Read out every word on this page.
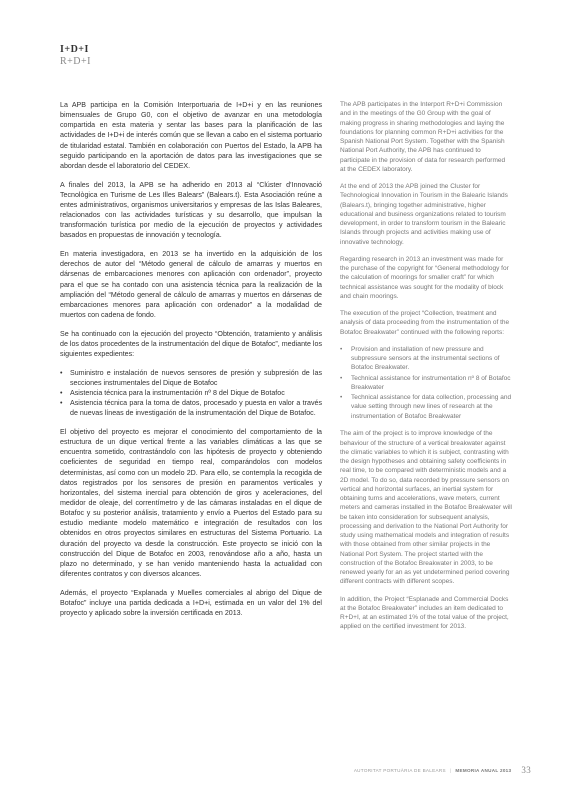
I+D+I
R+D+I

La APB participa en la Comisión Interportuaria de I+D+i y en las reuniones bimensuales de Grupo G0, con el objetivo de avanzar en una metodología compartida en esta materia y sentar las bases para la planificación de las actividades de I+D+i de interés común que se llevan a cabo en el sistema portuario de titularidad estatal. También en colaboración con Puertos del Estado, la APB ha seguido participando en la aportación de datos para las investigaciones que se abordan desde el laboratorio del CEDEX.

A finales del 2013, la APB se ha adherido en 2013 al “Clúster d’Innovació Tecnològica en Turisme de Les Illes Balears” (Balears.t). Esta Asociación reúne a entes administrativos, organismos universitarios y empresas de las Islas Baleares, relacionados con las actividades turísticas y su desarrollo, que impulsan la transformación turística por medio de la ejecución de proyectos y actividades basados en propuestas de innovación y tecnología.

En materia investigadora, en 2013 se ha invertido en la adquisición de los derechos de autor del “Método general de cálculo de amarras y muertos en dársenas de embarcaciones menores con aplicación con ordenador”, proyecto para el que se ha contado con una asistencia técnica para la realización de la ampliación del “Método general de cálculo de amarras y muertos en dársenas de embarcaciones menores para aplicación con ordenador” a la modalidad de muertos con cadena de fondo.

Se ha continuado con la ejecución del proyecto “Obtención, tratamiento y análisis de los datos procedentes de la instrumentación del dique de Botafoc”, mediante los siguientes expedientes:

• Suministro e instalación de nuevos sensores de presión y subpresión de las secciones instrumentales del Dique de Botafoc
• Asistencia técnica para la instrumentación nº 8 del Dique de Botafoc
• Asistencia técnica para la toma de datos, procesado y puesta en valor a través de nuevas líneas de investigación de la instrumentación del Dique de Botafoc.

El objetivo del proyecto es mejorar el conocimiento del comportamiento de la estructura de un dique vertical frente a las variables climáticas a las que se encuentra sometido, contrastándolo con las hipótesis de proyecto y obteniendo coeficientes de seguridad en tiempo real, comparándolos con modelos deterministas, así como con un modelo 2D. Para ello, se contempla la recogida de datos registrados por los sensores de presión en paramentos verticales y horizontales, del sistema inercial para obtención de giros y aceleraciones, del medidor de oleaje, del correntímetro y de las cámaras instaladas en el dique de Botafoc y su posterior análisis, tratamiento y envío a Puertos del Estado para su estudio mediante modelo matemático e integración de resultados con los obtenidos en otros proyectos similares en estructuras del Sistema Portuario. La duración del proyecto va desde la construcción. Este proyecto se inició con la construcción del Dique de Botafoc en 2003, renovándose año a año, hasta un plazo no determinado, y se han venido manteniendo hasta la actualidad con diferentes contratos y con diversos alcances.

Además, el proyecto “Explanada y Muelles comerciales al abrigo del Dique de Botafoc” incluye una partida dedicada a I+D+i, estimada en un valor del 1% del proyecto y aplicado sobre la inversión certificada en 2013.

The APB participates in the Interport R+D+i Commission and in the meetings of the G0 Group with the goal of making progress in sharing methodologies and laying the foundations for planning common R+D+i activities for the Spanish National Port System. Together with the Spanish National Port Authority, the APB has continued to participate in the provision of data for research performed at the CEDEX laboratory.

At the end of 2013 the APB joined the Cluster for Technological Innovation in Tourism in the Balearic Islands (Balears.t), bringing together administrative, higher educational and business organizations related to tourism development, in order to transform tourism in the Balearic Islands through projects and activities making use of innovative technology.

Regarding research in 2013 an investment was made for the purchase of the copyright for “General methodology for the calculation of moorings for smaller craft” for which technical assistance was sought for the modality of block and chain moorings.

The execution of the project “Collection, treatment and analysis of data proceeding from the instrumentation of the Botafoc Breakwater” continued with the following reports:

• Provision and installation of new pressure and subpressure sensors at the instrumental sections of Botafoc Breakwater.
• Technical assistance for instrumentation nº 8 of Botafoc Breakwater
• Technical assistance for data collection, processing and value setting through new lines of research at the instrumentation of Botafoc Breakwater

The aim of the project is to improve knowledge of the behaviour of the structure of a vertical breakwater against the climatic variables to which it is subject, contrasting with the design hypotheses and obtaining safety coefficients in real time, to be compared with deterministic models and a 2D model. To do so, data recorded by pressure sensors on vertical and horizontal surfaces, an inertial system for obtaining turns and accelerations, wave meters, current meters and cameras installed in the Botafoc Breakwater will be taken into consideration for subsequent analysis, processing and derivation to the National Port Authority for study using mathematical models and integration of results with those obtained from other similar projects in the National Port System. The project started with the construction of the Botafoc Breakwater in 2003, to be renewed yearly for an as yet undetermined period covering different contracts with different scopes.

In addition, the Project “Esplanade and Commercial Docks at the Botafoc Breakwater” includes an item dedicated to R+D+I, at an estimated 1% of the total value of the project, applied on the certified investment for 2013.

AUTORITAT PORTUÀRIA DE BALEARS | MEMORIA ANUAL 2013 33
